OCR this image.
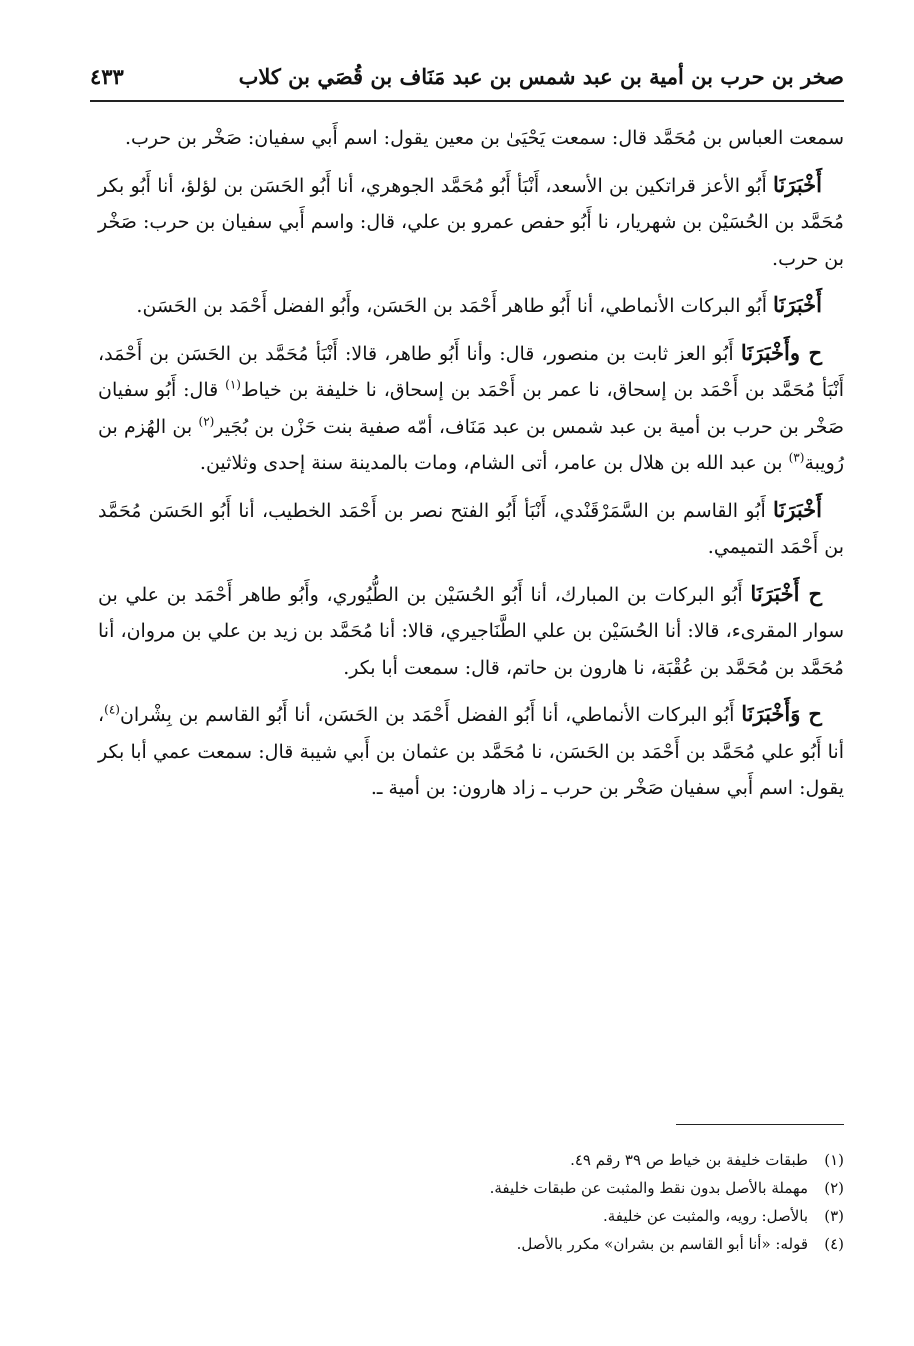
صخر بن حرب بن أمية بن عبد شمس بن عبد مَنَاف بن قُصَي بن كلاب
٤٣٣

سمعت العباس بن مُحَمَّد قال: سمعت يَحْيَىٰ بن معين يقول: اسم أَبي سفيان: صَخْر بن حرب.

أَخْبَرَنَا أَبُو الأعز قراتكين بن الأسعد، أَنْبَأ أَبُو مُحَمَّد الجوهري، أنا أَبُو الحَسَن بن لؤلؤ، أنا أَبُو بكر مُحَمَّد بن الحُسَيْن بن شهريار، نا أَبُو حفص عمرو بن علي، قال: واسم أَبي سفيان بن حرب: صَخْر بن حرب.

أَخْبَرَنَا أَبُو البركات الأنماطي، أنا أَبُو طاهر أَحْمَد بن الحَسَن، وأَبُو الفضل أَحْمَد بن الحَسَن.

ح وأَخْبَرَنَا أَبُو العز ثابت بن منصور، قال: وأنا أَبُو طاهر، قالا: أَنْبَأ مُحَمَّد بن الحَسَن بن أَحْمَد، أَنْبَأ مُحَمَّد بن أَحْمَد بن إسحاق، نا عمر بن أَحْمَد بن إسحاق، نا خليفة بن خياط$^{(١)}$ قال: أَبُو سفيان صَخْر بن حرب بن أمية بن عبد شمس بن عبد مَنَاف، أمّه صفية بنت حَزْن بن بُجَير$^{(٢)}$ بن الهُزم بن رُويبة$^{(٣)}$ بن عبد الله بن هلال بن عامر، أتى الشام، ومات بالمدينة سنة إحدى وثلاثين.

أَخْبَرَنَا أَبُو القاسم بن السَّمَرْقَنْدي، أَنْبَأ أَبُو الفتح نصر بن أَحْمَد الخطيب، أنا أَبُو الحَسَن مُحَمَّد بن أَحْمَد التميمي.

ح أَخْبَرَنَا أَبُو البركات بن المبارك، أنا أَبُو الحُسَيْن بن الطُّيُوري، وأَبُو طاهر أَحْمَد بن علي بن سوار المقرىء، قالا: أنا الحُسَيْن بن علي الطَّنَاجيري، قالا: أنا مُحَمَّد بن زيد بن علي بن مروان، أنا مُحَمَّد بن مُحَمَّد بن عُقْبَة، نا هارون بن حاتم، قال: سمعت أبا بكر.

ح وَأَخْبَرَنَا أَبُو البركات الأنماطي، أنا أَبُو الفضل أَحْمَد بن الحَسَن، أنا أَبُو القاسم بن بِشْران$^{(٤)}$، أنا أَبُو علي مُحَمَّد بن أَحْمَد بن الحَسَن، نا مُحَمَّد بن عثمان بن أَبي شيبة قال: سمعت عمي أبا بكر يقول: اسم أَبي سفيان صَخْر بن حرب ـ زاد هارون: بن أمية ـ.

(١)طبقات خليفة بن خياط ص ٣٩ رقم ٤٩.
(٢)مهملة بالأصل بدون نقط والمثبت عن طبقات خليفة.
(٣)بالأصل: رويه، والمثبت عن خليفة.
(٤)قوله: «أنا أبو القاسم بن بشران» مكرر بالأصل.
